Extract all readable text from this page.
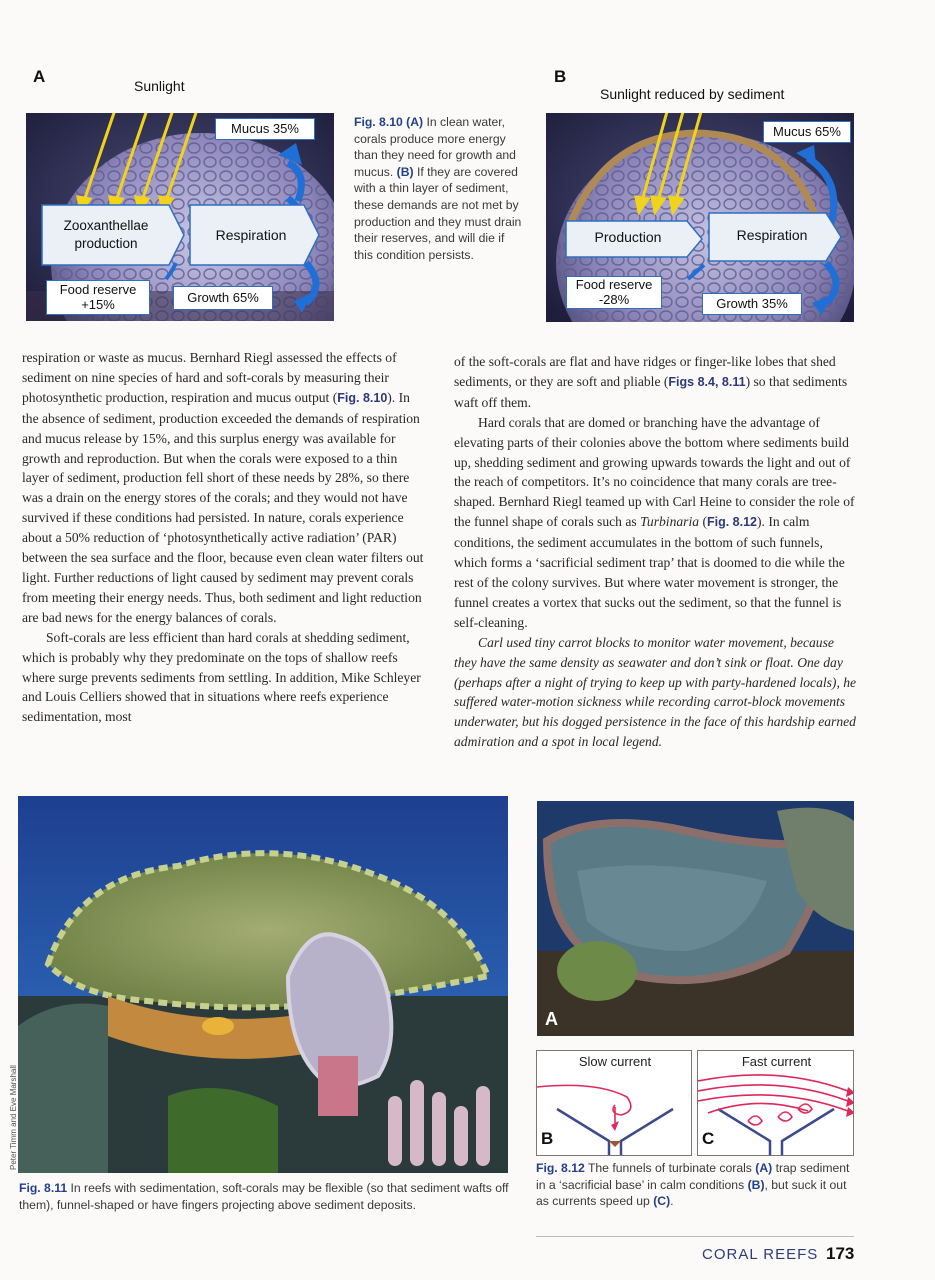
A	Sunlight
Zooxanthellae production
Respiration
Mucus 35%
Food reserve +15%	Growth 65%
Fig. 8.10 (A) In clean water, corals produce more energy than they need for growth and mucus. (B) If they are covered with a thin layer of sediment, these demands are not met by production and they must drain their reserves, and will die if this condition persists.
B
Sunlight reduced by sediment
Production	Respiration
Mucus 65%
Food reserve -28%	Growth 35%

respiration or waste as mucus. Bernhard Riegl assessed the effects of sediment on nine species of hard and soft-corals by measuring their photosynthetic production, respiration and mucus output (Fig. 8.10). In the absence of sediment, production exceeded the demands of respiration and mucus release by 15%, and this surplus energy was available for growth and reproduction. But when the corals were exposed to a thin layer of sediment, production fell short of these needs by 28%, so there was a drain on the energy stores of the corals; and they would not have survived if these conditions had persisted. In nature, corals experience about a 50% reduction of ‘photosynthetically active radiation’ (PAR) between the sea surface and the floor, because even clean water filters out light. Further reductions of light caused by sediment may prevent corals from meeting their energy needs. Thus, both sediment and light reduction are bad news for the energy balances of corals.

Soft-corals are less efficient than hard corals at shedding sediment, which is probably why they predominate on the tops of shallow reefs where surge prevents sediments from settling. In addition, Mike Schleyer and Louis Celliers showed that in situations where reefs experience sedimentation, most

of the soft-corals are flat and have ridges or finger-like lobes that shed sediments, or they are soft and pliable (Figs 8.4, 8.11) so that sediments waft off them.

Hard corals that are domed or branching have the advantage of elevating parts of their colonies above the bottom where sediments build up, shedding sediment and growing upwards towards the light and out of the reach of competitors. It’s no coincidence that many corals are tree-shaped. Bernhard Riegl teamed up with Carl Heine to consider the role of the funnel shape of corals such as Turbinaria (Fig. 8.12). In calm conditions, the sediment accumulates in the bottom of such funnels, which forms a ‘sacrificial sediment trap’ that is doomed to die while the rest of the colony survives. But where water movement is stronger, the funnel creates a vortex that sucks out the sediment, so that the funnel is self-cleaning.

Carl used tiny carrot blocks to monitor water movement, because they have the same density as seawater and don’t sink or float. One day (perhaps after a night of trying to keep up with party-hardened locals), he suffered water-motion sickness while recording carrot-block movements underwater, but his dogged persistence in the face of this hardship earned admiration and a spot in local legend.

Peter Timm and Eve Marshall
Fig. 8.11 In reefs with sedimentation, soft-corals may be flexible (so that sediment wafts off them), funnel-shaped or have fingers projecting above sediment deposits.
A
Slow current
B
Fast current
C
Fig. 8.12 The funnels of turbinate corals (A) trap sediment in a ‘sacrificial base’ in calm conditions (B), but suck it out as currents speed up (C).
CORAL REEFS 173
